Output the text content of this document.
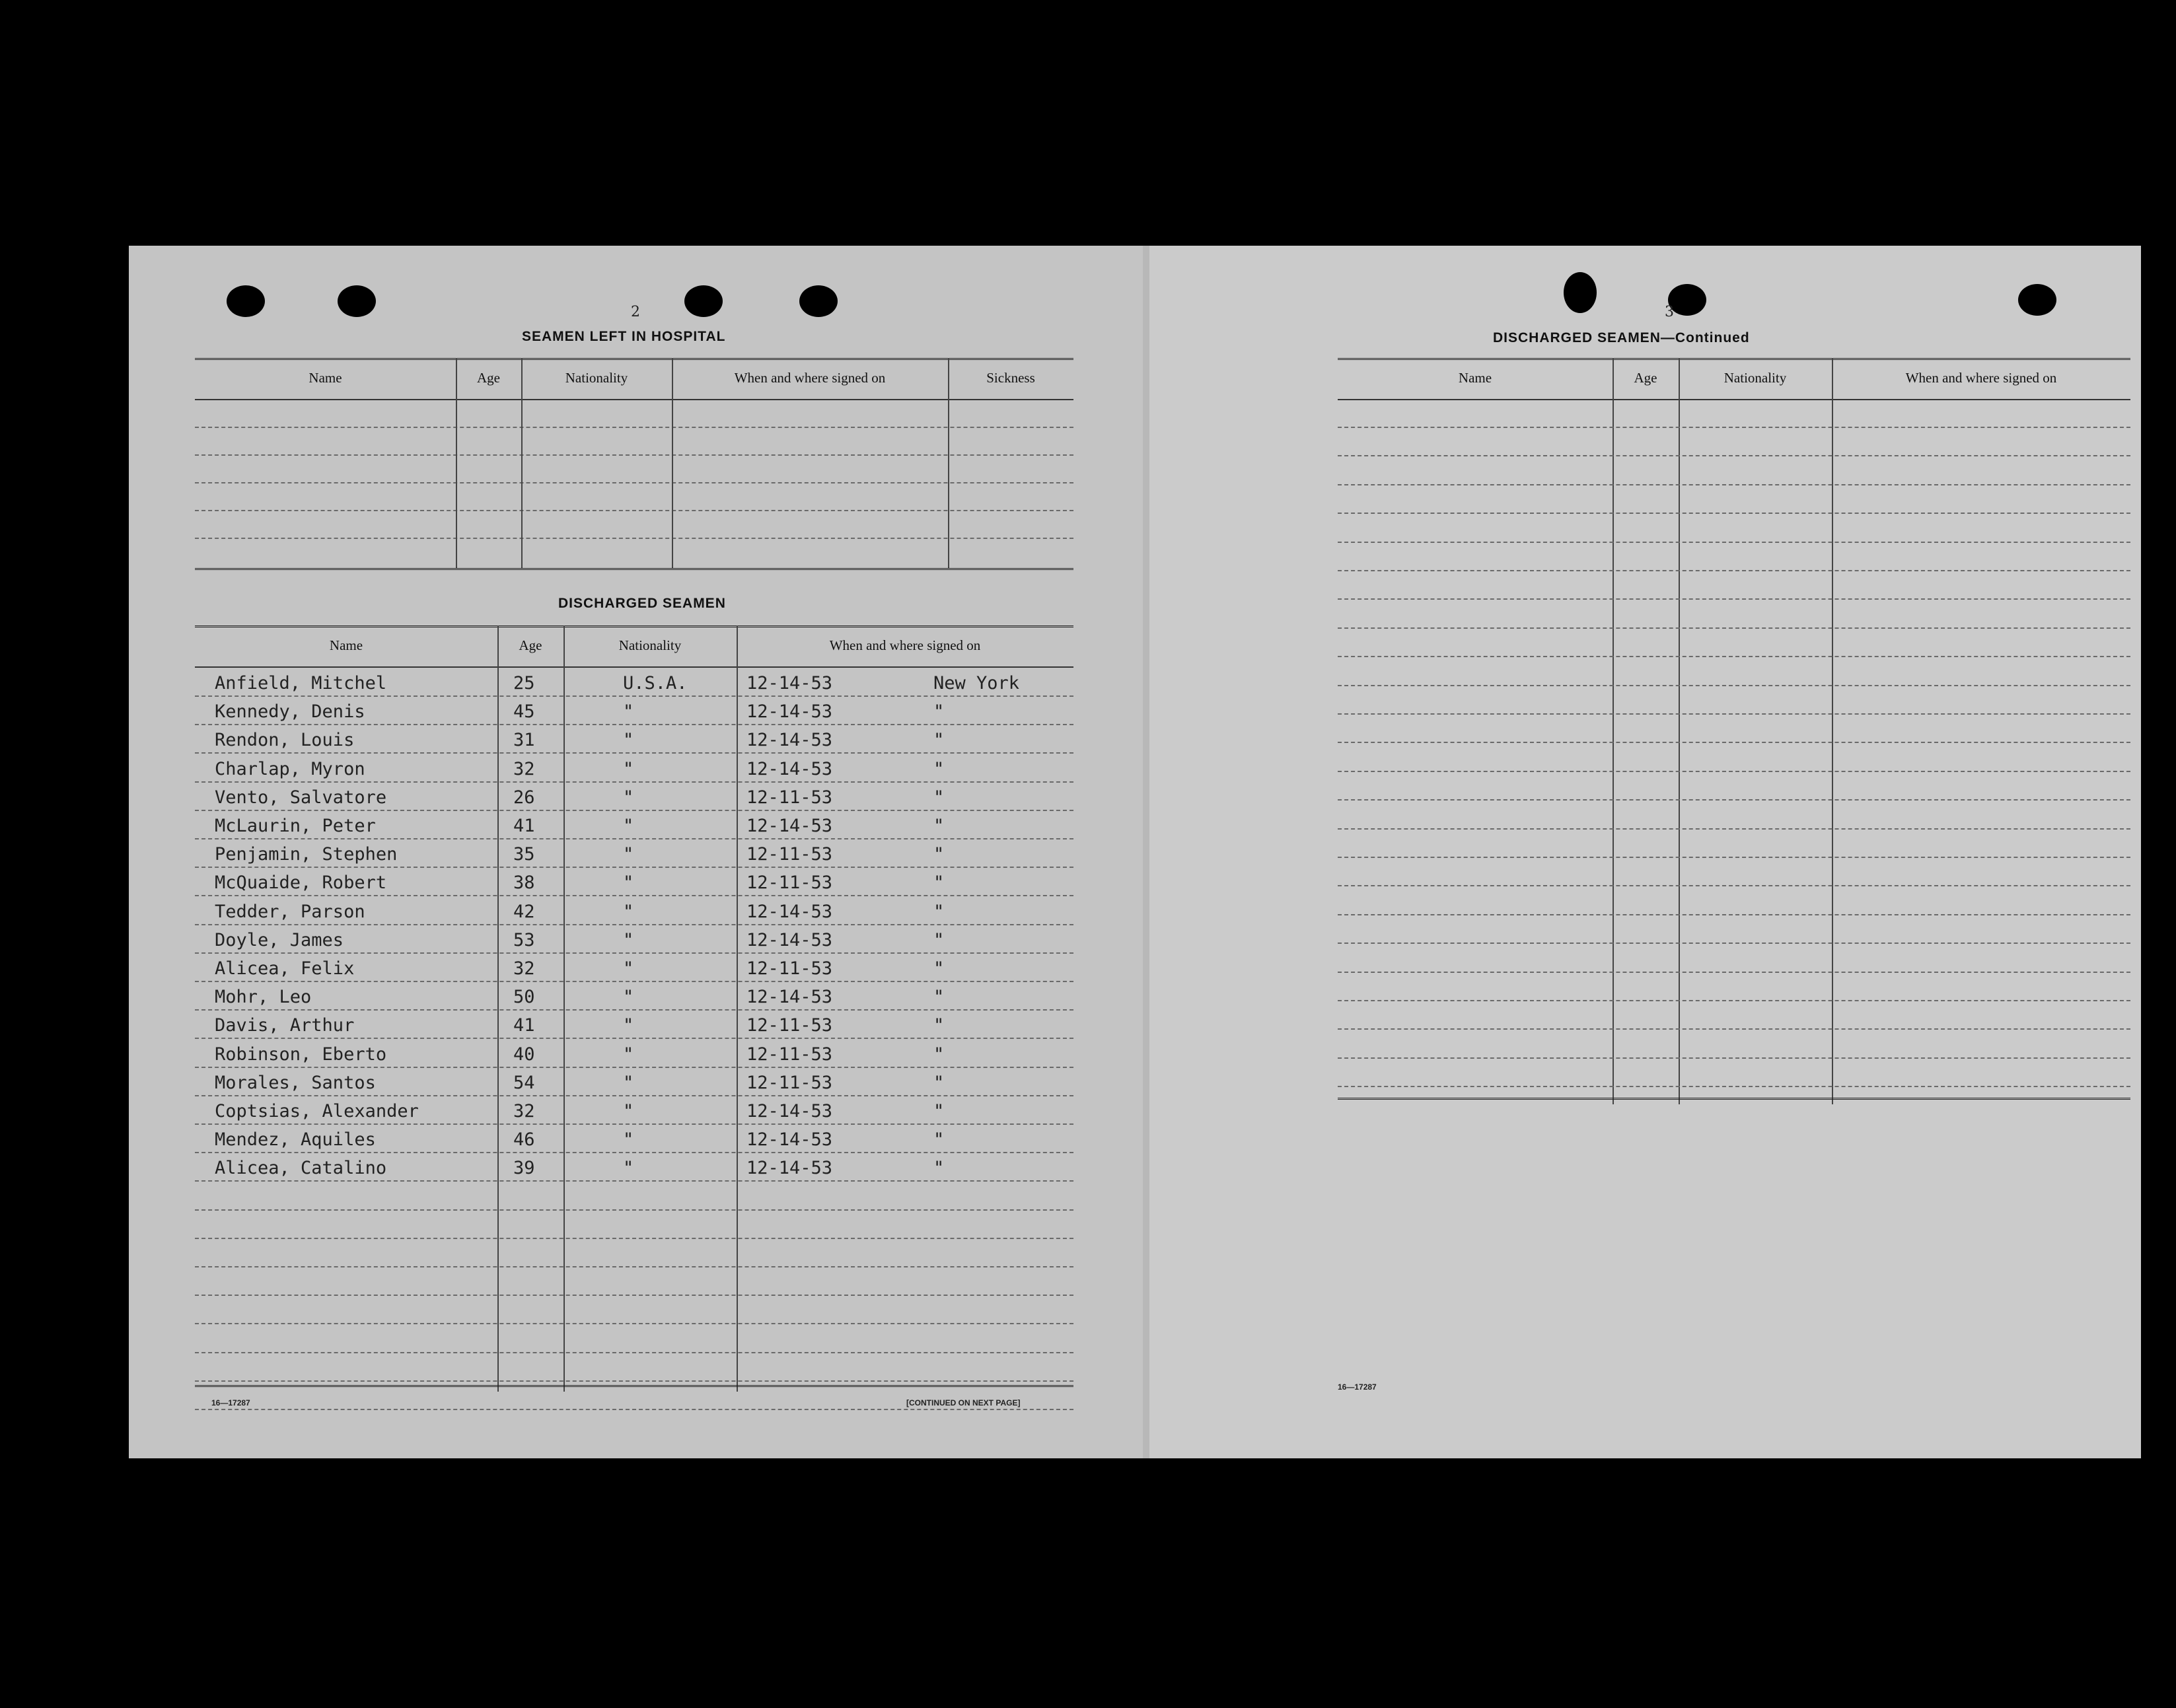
2
SEAMEN LEFT IN HOSPITAL
Name	Age	Nationality	When and where signed on	Sickness
DISCHARGED SEAMEN
Name	Age	Nationality	When and where signed on
Anfield, Mitchel	25	U.S.A.	12-14-53	New York
Kennedy, Denis	45	"	12-14-53	"
Rendon, Louis	31	"	12-14-53	"
Charlap, Myron	32	"	12-14-53	"
Vento, Salvatore	26	"	12-11-53	"
McLaurin, Peter	41	"	12-14-53	"
Penjamin, Stephen	35	"	12-11-53	"
McQuaide, Robert	38	"	12-11-53	"
Tedder, Parson	42	"	12-14-53	"
Doyle, James	53	"	12-14-53	"
Alicea, Felix	32	"	12-11-53	"
Mohr, Leo	50	"	12-14-53	"
Davis, Arthur	41	"	12-11-53	"
Robinson, Eberto	40	"	12-11-53	"
Morales, Santos	54	"	12-11-53	"
Coptsias, Alexander	32	"	12-14-53	"
Mendez, Aquiles	46	"	12-14-53	"
Alicea, Catalino	39	"	12-14-53	"
16—17287	[CONTINUED ON NEXT PAGE]
3
DISCHARGED SEAMEN—Continued
Name	Age	Nationality	When and where signed on
16—17287
